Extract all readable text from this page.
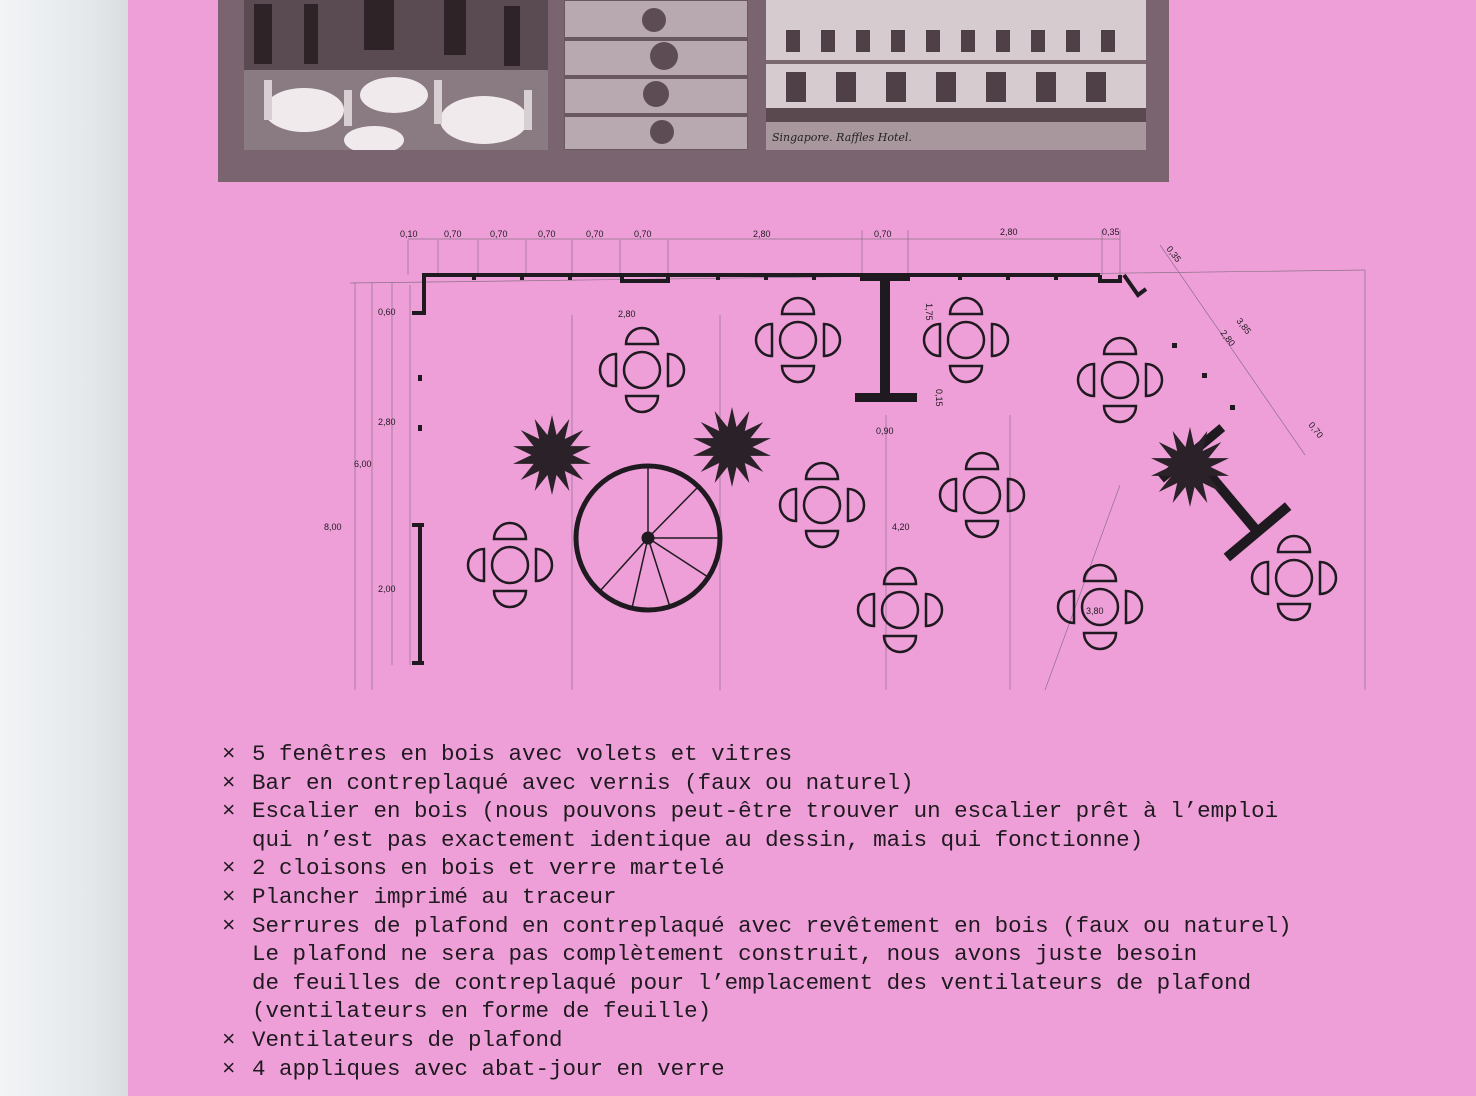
Singapore. Raffles Hotel.
0,10	0,70	0,70	0,70	0,70	0,70	2,80	0,70	2,80	0,35
0,60
2,80
6,00
8,00
2,00
2,80	1,75
0,15
0,90
4,20
3,80
0,35
3,85
2,80
0,70
× 5 fenêtres en bois avec volets et vitres
× Bar en contreplaqué avec vernis (faux ou naturel)
× Escalier en bois (nous pouvons peut-être trouver un escalier prêt à l’emploi
qui n’est pas exactement identique au dessin, mais qui fonctionne)
× 2 cloisons en bois et verre martelé
× Plancher imprimé au traceur
× Serrures de plafond en contreplaqué avec revêtement en bois (faux ou naturel)
Le plafond ne sera pas complètement construit, nous avons juste besoin
de feuilles de contreplaqué pour l’emplacement des ventilateurs de plafond
(ventilateurs en forme de feuille)
× Ventilateurs de plafond
× 4 appliques avec abat-jour en verre
